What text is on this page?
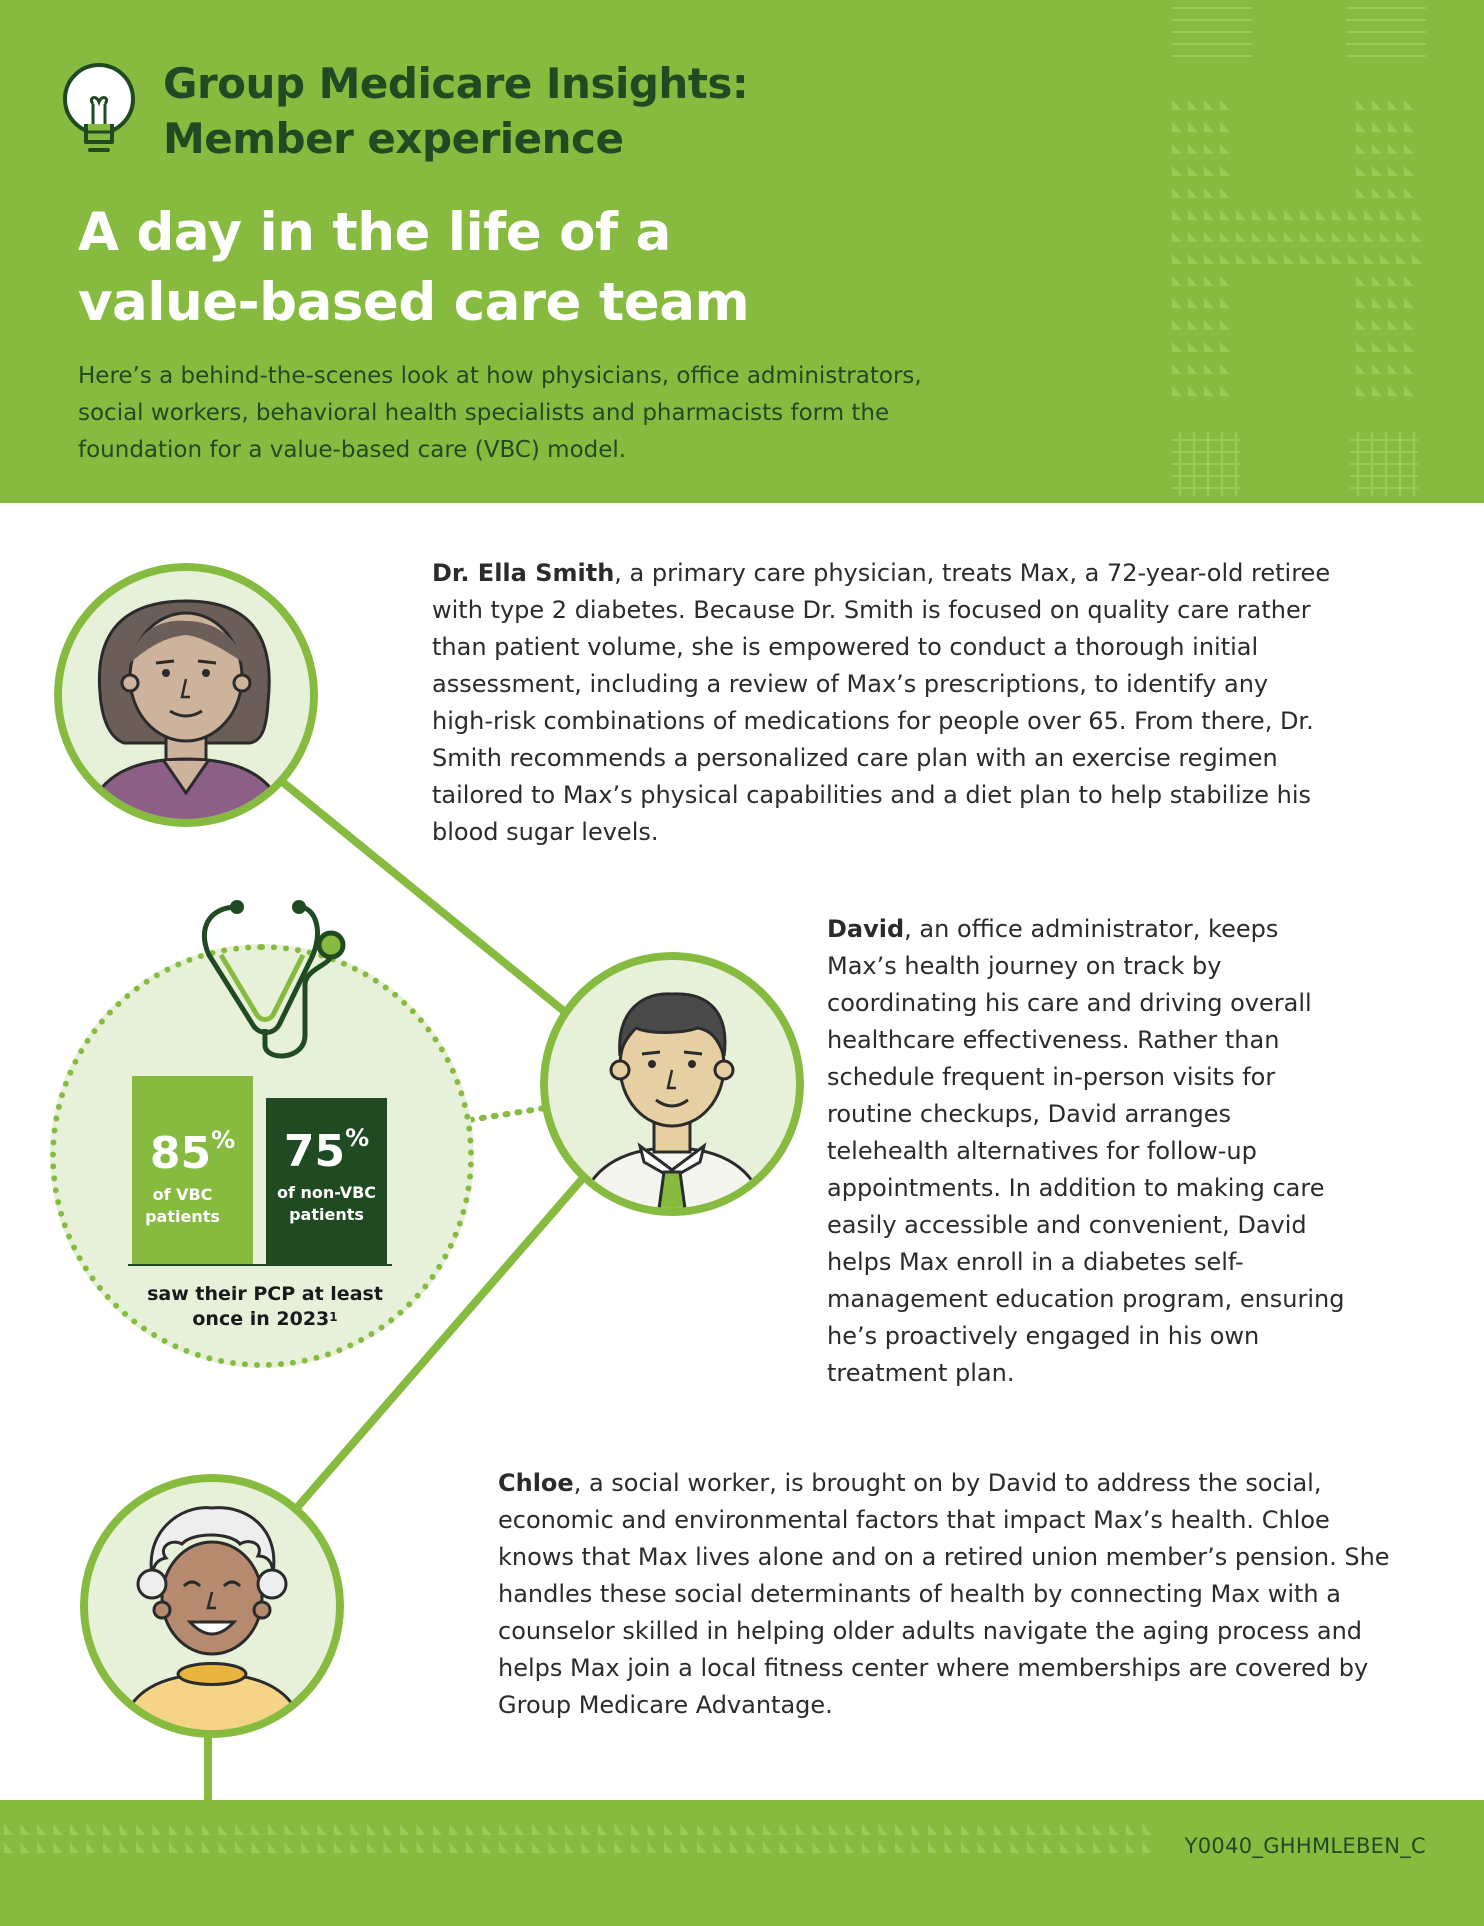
Group Medicare Insights:
Member experience
A day in the life of a
value-based care team
Here’s a behind-the-scenes look at how physicians, office administrators, social workers, behavioral health specialists and pharmacists form the foundation for a value-based care (VBC) model.

Dr. Ella Smith, a primary care physician, treats Max, a 72-year-old retiree with type 2 diabetes. Because Dr. Smith is focused on quality care rather than patient volume, she is empowered to conduct a thorough initial assessment, including a review of Max’s prescriptions, to identify any high-risk combinations of medications for people over 65. From there, Dr. Smith recommends a personalized care plan with an exercise regimen tailored to Max’s physical capabilities and a diet plan to help stabilize his blood sugar levels.

David, an office administrator, keeps Max’s health journey on track by coordinating his care and driving overall healthcare effectiveness. Rather than schedule frequent in-person visits for routine checkups, David arranges telehealth alternatives for follow-up appointments. In addition to making care easily accessible and convenient, David helps Max enroll in a diabetes self-management education program, ensuring he’s proactively engaged in his own treatment plan.

Chloe, a social worker, is brought on by David to address the social, economic and environmental factors that impact Max’s health. Chloe knows that Max lives alone and on a retired union member’s pension. She handles these social determinants of health by connecting Max with a counselor skilled in helping older adults navigate the aging process and helps Max join a local fitness center where memberships are covered by Group Medicare Advantage.

85%
of VBC
patients
75%
of non-VBC
patients
saw their PCP at least
once in 2023$^1$
Y0040_GHHMLEBEN_C
